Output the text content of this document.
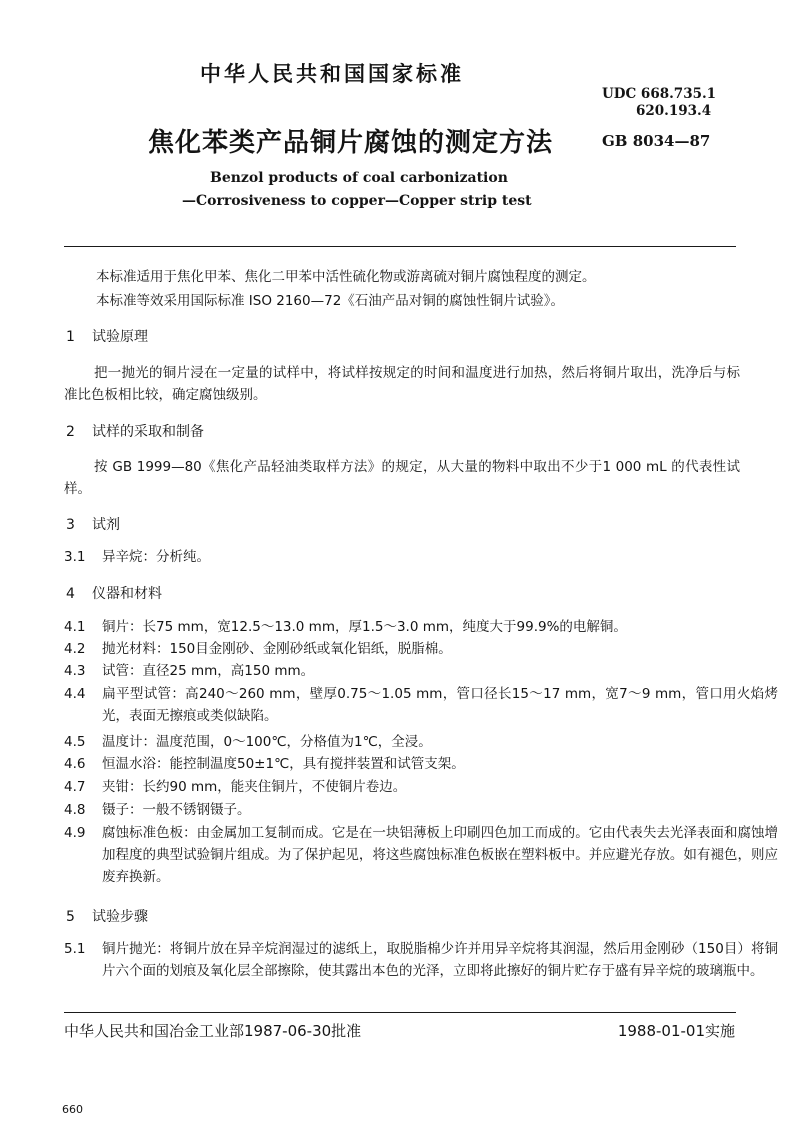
中华人民共和国国家标准
UDC 668.735.1
620.193.4
焦化苯类产品铜片腐蚀的测定方法	GB 8034—87
Benzol products of coal carbonization
—Corrosiveness to copper—Copper strip test
本标准适用于焦化甲苯、焦化二甲苯中活性硫化物或游离硫对铜片腐蚀程度的测定。
本标准等效采用国际标准 ISO 2160—72《石油产品对铜的腐蚀性铜片试验》。
1 试验原理
把一抛光的铜片浸在一定量的试样中，将试样按规定的时间和温度进行加热，然后将铜片取出，洗净后与标准比色板相比较，确定腐蚀级别。
2 试样的采取和制备
按 GB 1999—80《焦化产品轻油类取样方法》的规定，从大量的物料中取出不少于1 000 mL 的代表性试样。
3 试剂
3.1 异辛烷：分析纯。
4 仪器和材料
4.1 铜片：长75 mm，宽12.5～13.0 mm，厚1.5～3.0 mm，纯度大于99.9%的电解铜。
4.2 抛光材料：150目金刚砂、金刚砂纸或氧化铝纸，脱脂棉。
4.3 试管：直径25 mm，高150 mm。
4.4 扁平型试管：高240～260 mm，壁厚0.75～1.05 mm，管口径长15～17 mm，宽7～9 mm，管口用火焰烤光，表面无擦痕或类似缺陷。
4.5 温度计：温度范围，0～100℃，分格值为1℃，全浸。
4.6 恒温水浴：能控制温度50±1℃，具有搅拌装置和试管支架。
4.7 夹钳：长约90 mm，能夹住铜片，不使铜片卷边。
4.8 镊子：一般不锈钢镊子。
4.9 腐蚀标准色板：由金属加工复制而成。它是在一块铝薄板上印刷四色加工而成的。它由代表失去光泽表面和腐蚀增加程度的典型试验铜片组成。为了保护起见，将这些腐蚀标准色板嵌在塑料板中。并应避光存放。如有褪色，则应废弃换新。
5 试验步骤
5.1 铜片抛光：将铜片放在异辛烷润湿过的滤纸上，取脱脂棉少许并用异辛烷将其润湿，然后用金刚砂（150目）将铜片六个面的划痕及氧化层全部擦除，使其露出本色的光泽，立即将此擦好的铜片贮存于盛有异辛烷的玻璃瓶中。
中华人民共和国冶金工业部1987-06-30批准	1988-01-01实施
660
